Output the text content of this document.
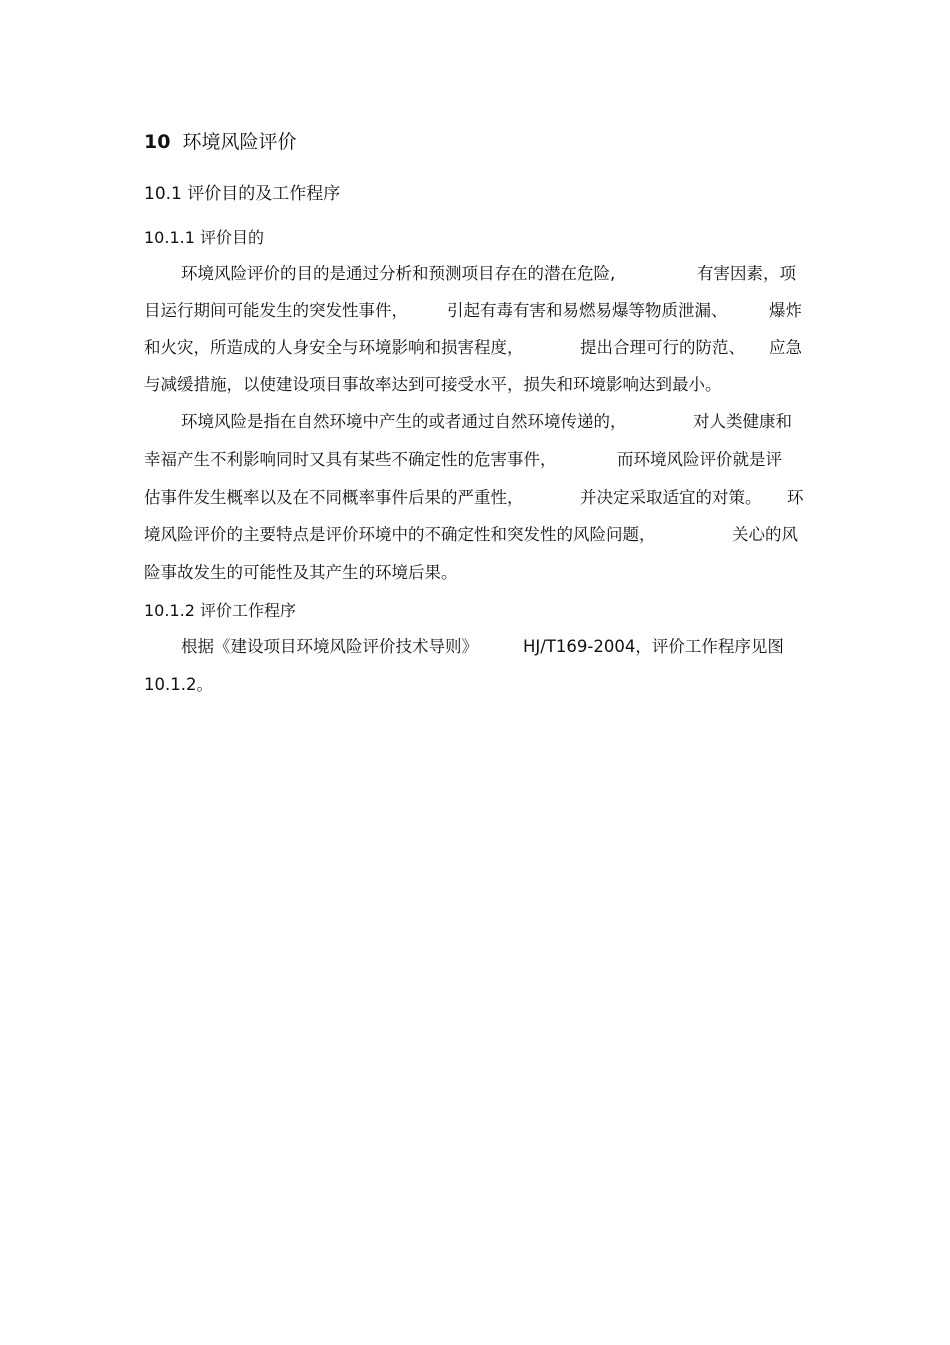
10 环境风险评价
10.1 评价目的及工作程序
10.1.1 评价目的
环境风险评价的目的是通过分析和预测项目存在的潜在危险,	有害因素，项
目运行期间可能发生的突发性事件， 引起有毒有害和易燃易爆等物质泄漏、	爆炸
和火灾，所造成的人身安全与环境影响和损害程度，	提出合理可行的防范、 应急
与减缓措施，以使建设项目事故率达到可接受水平，损失和环境影响达到最小。
环境风险是指在自然环境中产生的或者通过自然环境传递的，	对人类健康和
幸福产生不利影响同时又具有某些不确定性的危害事件，	而环境风险评价就是评
估事件发生概率以及在不同概率事件后果的严重性，	并决定采取适宜的对策。 环
境风险评价的主要特点是评价环境中的不确定性和突发性的风险问题，	关心的风
险事故发生的可能性及其产生的环境后果。
10.1.2 评价工作程序
根据《建设项目环境风险评价技术导则》	HJ/T169-2004，评价工作程序见图
10.1.2。
